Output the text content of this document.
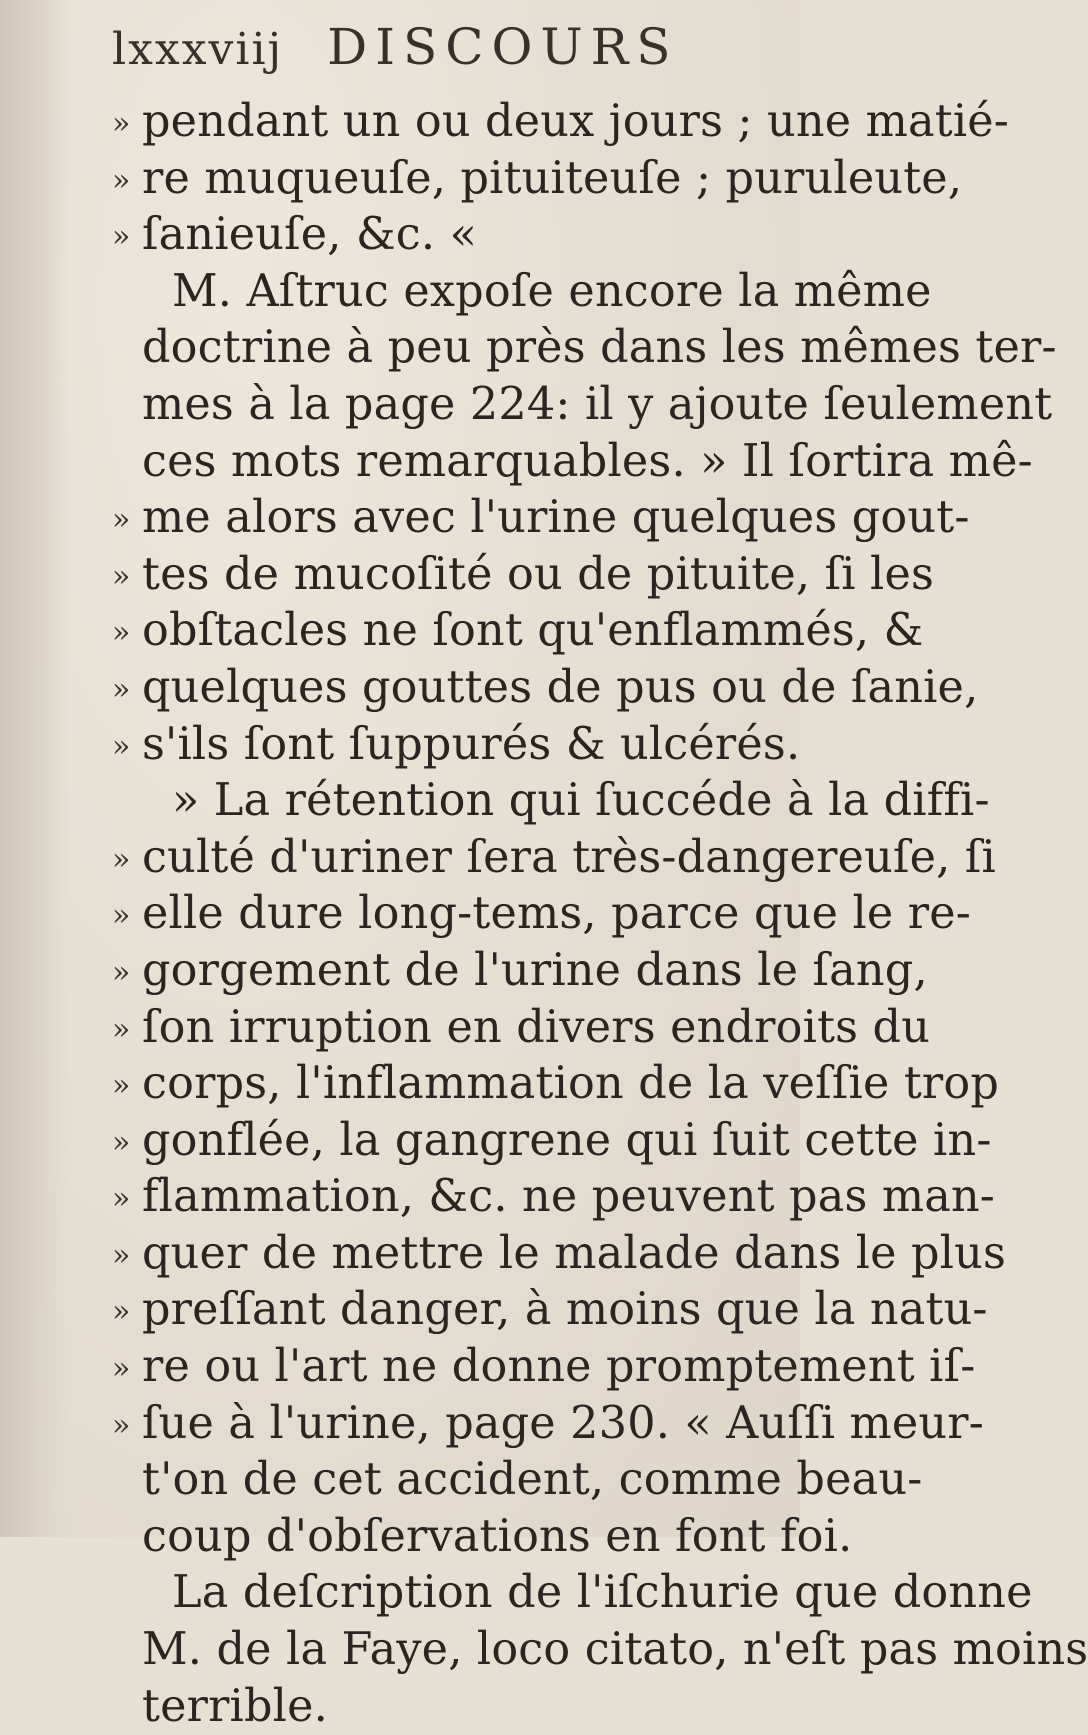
lxxxviij DISCOURS
» pendant un ou deux jours ; une matié-
» re muqueuſe, pituiteuſe ; puruleute,
» ſanieuſe, &c. «
M. Aſtruc expoſe encore la même
doctrine à peu près dans les mêmes ter-
mes à la page 224: il y ajoute ſeulement
ces mots remarquables. » Il ſortira mê-
» me alors avec l'urine quelques gout-
» tes de mucoſité ou de pituite, ſi les
» obſtacles ne ſont qu'enflammés, &
» quelques gouttes de pus ou de ſanie,
» s'ils ſont ſuppurés & ulcérés.
» La rétention qui ſuccéde à la diffi-
» culté d'uriner ſera très-dangereuſe, ſi
» elle dure long-tems, parce que le re-
» gorgement de l'urine dans le ſang,
» ſon irruption en divers endroits du
» corps, l'inflammation de la veſſie trop
» gonflée, la gangrene qui ſuit cette in-
» flammation, &c. ne peuvent pas man-
» quer de mettre le malade dans le plus
» preſſant danger, à moins que la natu-
» re ou l'art ne donne promptement iſ-
» ſue à l'urine, page 230. « Auſſi meur-
t'on de cet accident, comme beau-
coup d'obſervations en font foi.
La deſcription de l'iſchurie que donne
M. de la Faye, loco citato, n'eſt pas moins
terrible.
